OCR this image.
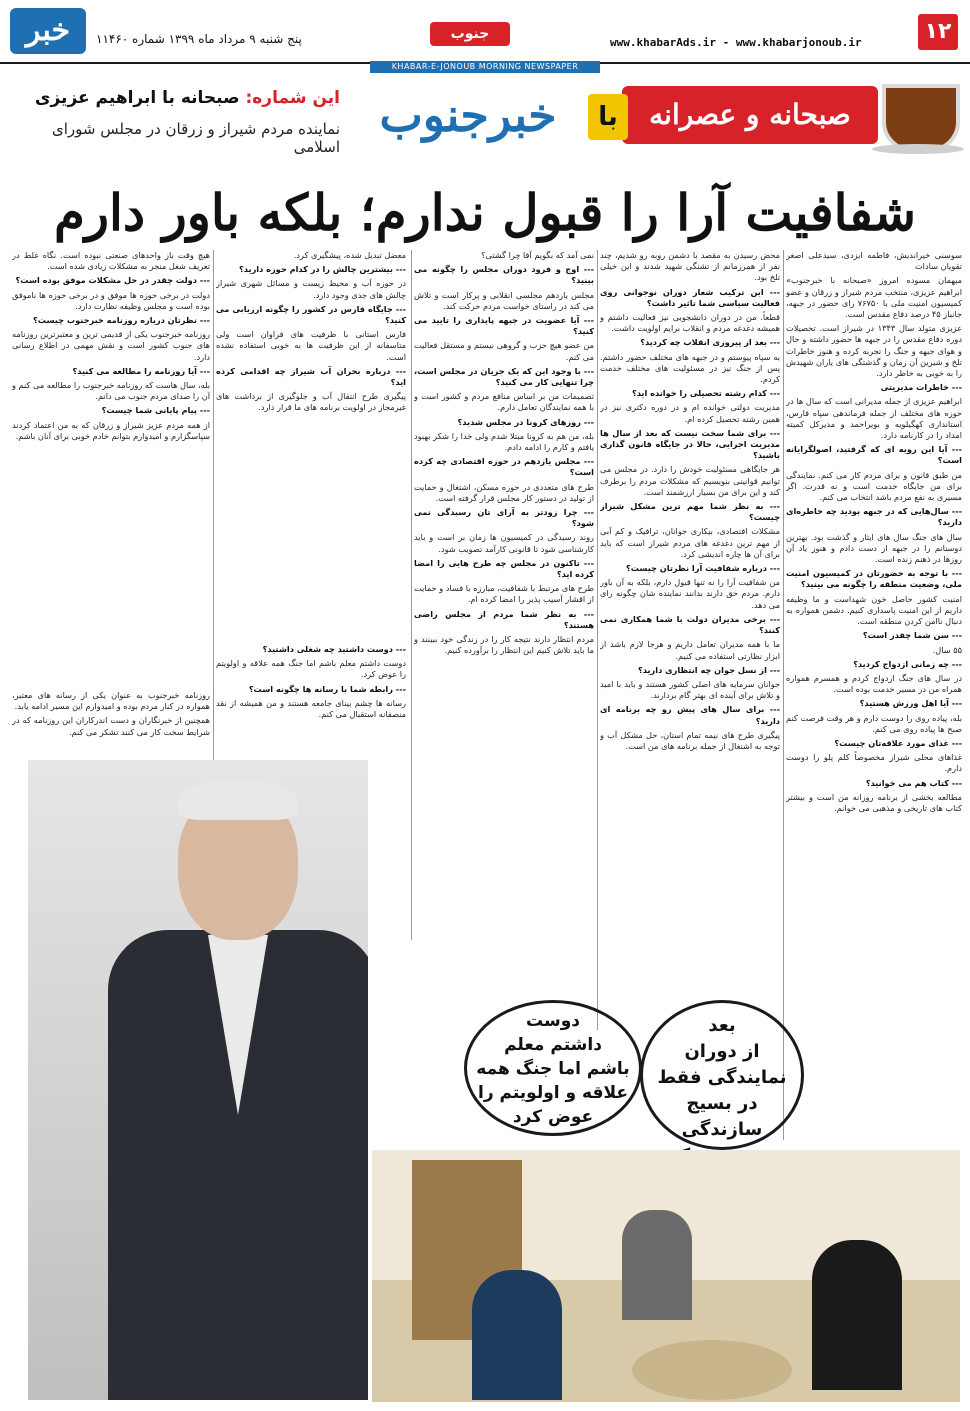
خبر	پنج شنبه ۹ مرداد ماه ۱۳۹۹ شماره ۱۱۴۶۰	جنوب
www.khabarAds.ir - www.khabarjonoub.ir	۱۲
KHABAR-E-JONOUB MORNING NEWSPAPER
صبحانه و عصرانه
با
خبرجنوب
این شماره: صبحانه با ابراهیم عزیزی
نماینده مردم شیراز و زرقان در مجلس شورای اسلامی
شفافیت آرا را قبول ندارم؛ بلکه باور دارم

سوسنی خیراندیش، فاطمه ایزدی، سیدعلی اصغر تقویان سادات

میهمان مسوده امروز «صبحانه با خبرجنوب» ابراهیم عزیزی، منتخب مردم شیراز و زرقان و عضو کمیسیون امنیت ملی با ۷۶۷۵۰ رای حضور در جبهه، جانباز ۴۵ درصد دفاع مقدس است.

عزیزی متولد سال ۱۳۴۳ در شیراز است. تحصیلات دوره دفاع مقدس را در جبهه ها حضور داشته و حال و هوای جبهه و جنگ را تجربه کرده و هنوز خاطرات تلخ و شیرین آن زمان و گذشتگی های یاران شهیدش را به خوبی به خاطر دارد.

--- خاطرات مدیریتی

ابراهیم عزیزی از جمله مدیرانی است که سال ها در حوزه های مختلف از جمله فرماندهی سپاه فارس، استانداری کهگیلویه و بویراحمد و مدیرکل کمیته امداد را در کارنامه دارد.

--- آیا این رویه ای که گرفتید، اصولگرایانه است؟

من طبق قانون و برای مردم کار می کنم. نمایندگی برای من جایگاه خدمت است و نه قدرت. اگر مسیری به نفع مردم باشد انتخاب می کنم.

--- سال‌هایی که در جبهه بودید چه خاطره‌ای دارید؟

سال های جنگ سال های ایثار و گذشت بود. بهترین دوستانم را در جبهه از دست دادم و هنوز یاد آن روزها در ذهنم زنده است.

--- با توجه به حضورتان در کمیسیون امنیت ملی، وضعیت منطقه را چگونه می بینید؟

امنیت کشور حاصل خون شهداست و ما وظیفه داریم از این امنیت پاسداری کنیم. دشمن همواره به دنبال ناامن کردن منطقه است.

--- سن شما چقدر است؟

۵۵ سال.

--- چه زمانی ازدواج کردید؟

در سال های جنگ ازدواج کردم و همسرم همواره همراه من در مسیر خدمت بوده است.

--- آیا اهل ورزش هستید؟

بله، پیاده روی را دوست دارم و هر وقت فرصت کنم صبح ها پیاده روی می کنم.

--- غذای مورد علاقه‌تان چیست؟

غذاهای محلی شیراز مخصوصاً کلم پلو را دوست دارم.

--- کتاب هم می خوانید؟

مطالعه بخشی از برنامه روزانه من است و بیشتر کتاب های تاریخی و مذهبی می خوانم.

محض رسیدن به مقصد با دشمن روبه رو شدیم، چند نفر از همرزمانم از تشنگی شهید شدند و این خیلی تلخ بود.

--- این ترکیب شعار دوران نوجوانی روی فعالیت سیاسی شما تاثیر داشت؟

قطعاً. من در دوران دانشجویی نیز فعالیت داشتم و همیشه دغدغه مردم و انقلاب برایم اولویت داشت.

--- بعد از پیروزی انقلاب چه کردید؟

به سپاه پیوستم و در جبهه های مختلف حضور داشتم. پس از جنگ نیز در مسئولیت های مختلف خدمت کردم.

--- کدام رشته تحصیلی را خوانده اید؟

مدیریت دولتی خوانده ام و در دوره دکتری نیز در همین رشته تحصیل کرده ام.

--- برای شما سخت نیست که بعد از سال ها مدیریت اجرایی، حالا در جایگاه قانون گذاری باشید؟

هر جایگاهی مسئولیت خودش را دارد. در مجلس می توانیم قوانینی بنویسیم که مشکلات مردم را برطرف کند و این برای من بسیار ارزشمند است.

--- به نظر شما مهم ترین مشکل شیراز چیست؟

مشکلات اقتصادی، بیکاری جوانان، ترافیک و کم آبی از مهم ترین دغدغه های مردم شیراز است که باید برای آن ها چاره اندیشی کرد.

--- درباره شفافیت آرا نظرتان چیست؟

من شفافیت آرا را نه تنها قبول دارم، بلکه به آن باور دارم. مردم حق دارند بدانند نماینده شان چگونه رای می دهد.

--- برخی مدیران دولت با شما همکاری نمی کنند؟

ما با همه مدیران تعامل داریم و هرجا لازم باشد از ابزار نظارتی استفاده می کنیم.

--- از نسل جوان چه انتظاری دارید؟

جوانان سرمایه های اصلی کشور هستند و باید با امید و تلاش برای آینده ای بهتر گام بردارند.

--- برای سال های پیش رو چه برنامه ای دارید؟

پیگیری طرح های نیمه تمام استان، حل مشکل آب و توجه به اشتغال از جمله برنامه های من است.

نمی آمد که بگویم آقا چرا گشتی؟

--- اوج و فرود دوران مجلس را چگونه می بینید؟

مجلس یازدهم مجلسی انقلابی و پرکار است و تلاش می کند در راستای خواست مردم حرکت کند.

--- آیا عضویت در جبهه پایداری را تایید می کنید؟

من عضو هیچ حزب و گروهی نیستم و مستقل فعالیت می کنم.

--- با وجود این که یک جریان در مجلس است، چرا تنهایی کار می کنید؟

تصمیمات من بر اساس منافع مردم و کشور است و با همه نمایندگان تعامل دارم.

--- روزهای کرونا در مجلس شدید؟

بله، من هم به کرونا مبتلا شدم ولی خدا را شکر بهبود یافتم و کارم را ادامه دادم.

--- مجلس یازدهم در حوزه اقتصادی چه کرده است؟

طرح های متعددی در حوزه مسکن، اشتغال و حمایت از تولید در دستور کار مجلس قرار گرفته است.

--- چرا زودتر به آرای تان رسیدگی نمی شود؟

روند رسیدگی در کمیسیون ها زمان بر است و باید کارشناسی شود تا قانونی کارآمد تصویب شود.

--- تاکنون در مجلس چه طرح هایی را امضا کرده اید؟

طرح های مرتبط با شفافیت، مبارزه با فساد و حمایت از اقشار آسیب پذیر را امضا کرده ام.

--- به نظر شما مردم از مجلس راضی هستند؟

مردم انتظار دارند نتیجه کار را در زندگی خود ببینند و ما باید تلاش کنیم این انتظار را برآورده کنیم.

معضل تبدیل شده، پیشگیری کرد.

--- بیشترین چالش را در کدام حوزه دارید؟

در حوزه آب و محیط زیست و مسائل شهری شیراز چالش های جدی وجود دارد.

--- جایگاه فارس در کشور را چگونه ارزیابی می کنید؟

فارس استانی با ظرفیت های فراوان است ولی متاسفانه از این ظرفیت ها به خوبی استفاده نشده است.

--- درباره بحران آب شیراز چه اقدامی کرده اید؟

پیگیری طرح انتقال آب و جلوگیری از برداشت های غیرمجاز در اولویت برنامه های ما قرار دارد.

--- دوست داشتید چه شغلی داشتید؟

دوست داشتم معلم باشم اما جنگ همه علاقه و اولویتم را عوض کرد.

--- رابطه شما با رسانه ها چگونه است؟

رسانه ها چشم بینای جامعه هستند و من همیشه از نقد منصفانه استقبال می کنم.

هیچ وقت باز واحدهای صنعتی نبوده است. نگاه غلط در تعریف شغل منجر به مشکلات زیادی شده است.

--- دولت چقدر در حل مشکلات موفق بوده است؟

دولت در برخی حوزه ها موفق و در برخی حوزه ها ناموفق بوده است و مجلس وظیفه نظارت دارد.

--- نظرتان درباره روزنامه خبرجنوب چیست؟

روزنامه خبرجنوب یکی از قدیمی ترین و معتبرترین روزنامه های جنوب کشور است و نقش مهمی در اطلاع رسانی دارد.

--- آیا روزنامه را مطالعه می کنید؟

بله، سال هاست که روزنامه خبرجنوب را مطالعه می کنم و آن را صدای مردم جنوب می دانم.

--- پیام پایانی شما چیست؟

از همه مردم عزیز شیراز و زرقان که به من اعتماد کردند سپاسگزارم و امیدوارم بتوانم خادم خوبی برای آنان باشم.

روزنامه خبرجنوب به عنوان یکی از رسانه های معتبر، همواره در کنار مردم بوده و امیدوارم این مسیر ادامه یابد.

همچنین از خبرنگاران و دست اندرکاران این روزنامه که در شرایط سخت کار می کنند تشکر می کنم.

بعد
از دوران
نمایندگی فقط
در بسیج سازندگی
دوست
داشتم معلم
باشم اما جنگ همه
علاقه و اولویتم را
عوض کرد
